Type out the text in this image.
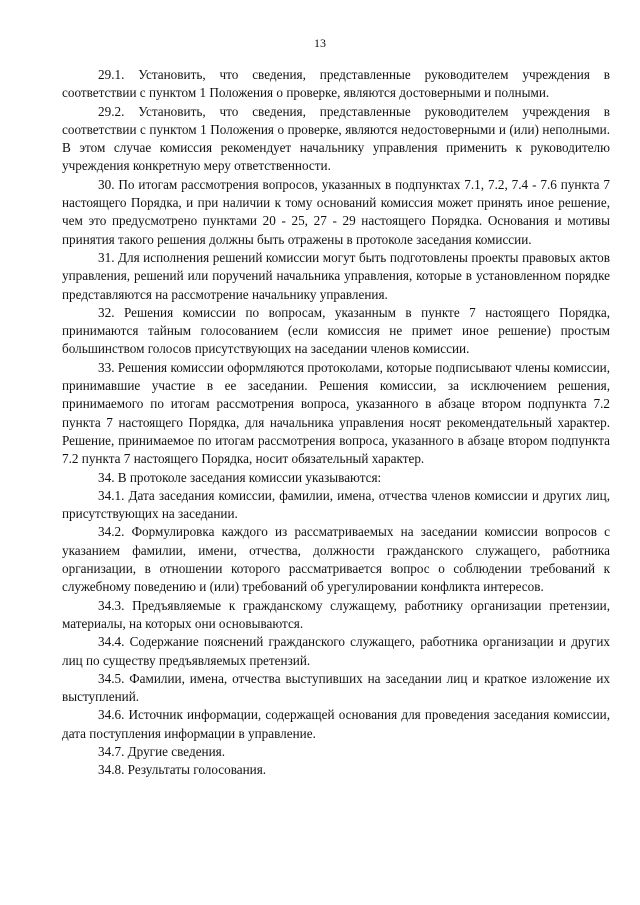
13

29.1. Установить, что сведения, представленные руководителем учреждения в соответствии с пунктом 1 Положения о проверке, являются достоверными и полными.

29.2. Установить, что сведения, представленные руководителем учреждения в соответствии с пунктом 1 Положения о проверке, являются недостоверными и (или) неполными. В этом случае комиссия рекомендует начальнику управления применить к руководителю учреждения конкретную меру ответственности.

30. По итогам рассмотрения вопросов, указанных в подпунктах 7.1, 7.2, 7.4 - 7.6 пункта 7 настоящего Порядка, и при наличии к тому оснований комиссия может принять иное решение, чем это предусмотрено пунктами 20 - 25, 27 - 29 настоящего Порядка. Основания и мотивы принятия такого решения должны быть отражены в протоколе заседания комиссии.

31. Для исполнения решений комиссии могут быть подготовлены проекты правовых актов управления, решений или поручений начальника управления, которые в установленном порядке представляются на рассмотрение начальнику управления.

32. Решения комиссии по вопросам, указанным в пункте 7 настоящего Порядка, принимаются тайным голосованием (если комиссия не примет иное решение) простым большинством голосов присутствующих на заседании членов комиссии.

33. Решения комиссии оформляются протоколами, которые подписывают члены комиссии, принимавшие участие в ее заседании. Решения комиссии, за исключением решения, принимаемого по итогам рассмотрения вопроса, указанного в абзаце втором подпункта 7.2 пункта 7 настоящего Порядка, для начальника управления носят рекомендательный характер. Решение, принимаемое по итогам рассмотрения вопроса, указанного в абзаце втором подпункта 7.2 пункта 7 настоящего Порядка, носит обязательный характер.

34. В протоколе заседания комиссии указываются:

34.1. Дата заседания комиссии, фамилии, имена, отчества членов комиссии и других лиц, присутствующих на заседании.

34.2. Формулировка каждого из рассматриваемых на заседании комиссии вопросов с указанием фамилии, имени, отчества, должности гражданского служащего, работника организации, в отношении которого рассматривается вопрос о соблюдении требований к служебному поведению и (или) требований об урегулировании конфликта интересов.

34.3. Предъявляемые к гражданскому служащему, работнику организации претензии, материалы, на которых они основываются.

34.4. Содержание пояснений гражданского служащего, работника организации и других лиц по существу предъявляемых претензий.

34.5. Фамилии, имена, отчества выступивших на заседании лиц и краткое изложение их выступлений.

34.6. Источник информации, содержащей основания для проведения заседания комиссии, дата поступления информации в управление.

34.7. Другие сведения.

34.8. Результаты голосования.
